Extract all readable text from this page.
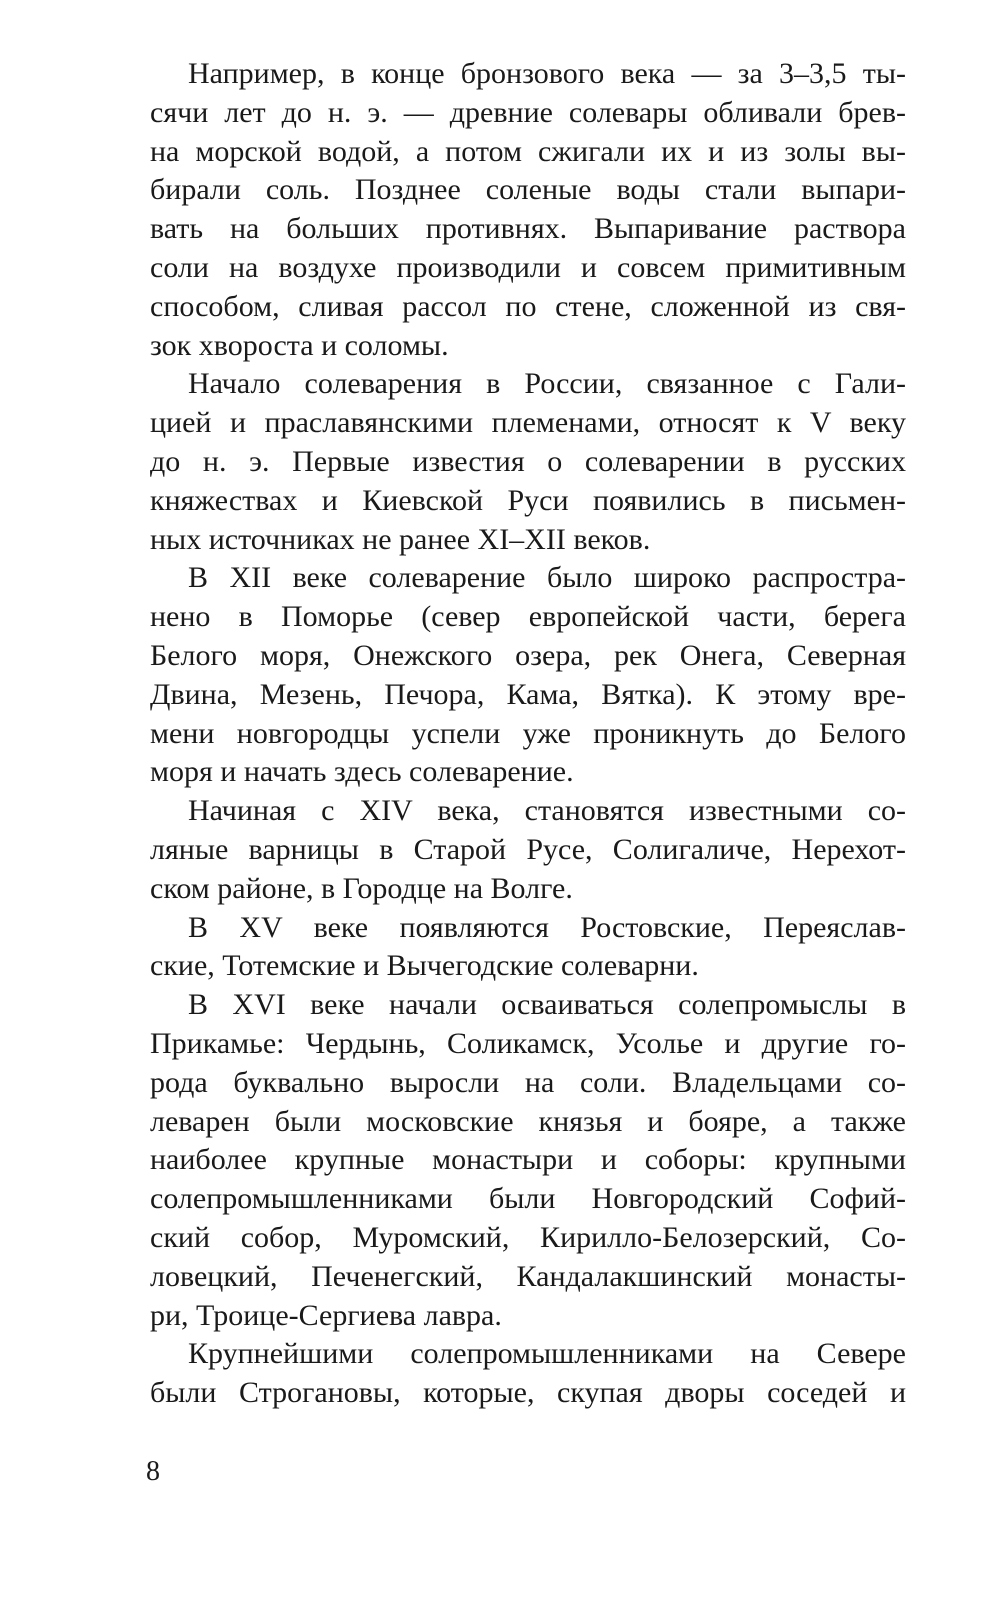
Например, в конце бронзового века — за 3–3,5 ты-
сячи лет до н. э. — древние солевары обливали брев-
на морской водой, а потом сжигали их и из золы вы-
бирали соль. Позднее соленые воды стали выпари-
вать на больших противнях. Выпаривание раствора
соли на воздухе производили и совсем примитивным
способом, сливая рассол по стене, сложенной из свя-
зок хвороста и соломы.
Начало солеварения в России, связанное с Гали-
цией и праславянскими племенами, относят к V веку
до н. э. Первые известия о солеварении в русских
княжествах и Киевской Руси появились в письмен-
ных источниках не ранее XI–XII веков.
В XII веке солеварение было широко распростра-
нено в Поморье (север европейской части, берега
Белого моря, Онежского озера, рек Онега, Северная
Двина, Мезень, Печора, Кама, Вятка). К этому вре-
мени новгородцы успели уже проникнуть до Белого
моря и начать здесь солеварение.
Начиная с XIV века, становятся известными со-
ляные варницы в Старой Русе, Солигаличе, Нерехот-
ском районе, в Городце на Волге.
В XV веке появляются Ростовские, Переяслав-
ские, Тотемские и Вычегодские солеварни.
В XVI веке начали осваиваться солепромыслы в
Прикамье: Чердынь, Соликамск, Усолье и другие го-
рода буквально выросли на соли. Владельцами со-
леварен были московские князья и бояре, а также
наиболее крупные монастыри и соборы: крупными
солепромышленниками были Новгородский Софий-
ский собор, Муромский, Кирилло-Белозерский, Со-
ловецкий, Печенегский, Кандалакшинский монасты-
ри, Троице-Сергиева лавра.
Крупнейшими солепромышленниками на Севере
были Строгановы, которые, скупая дворы соседей и
8
